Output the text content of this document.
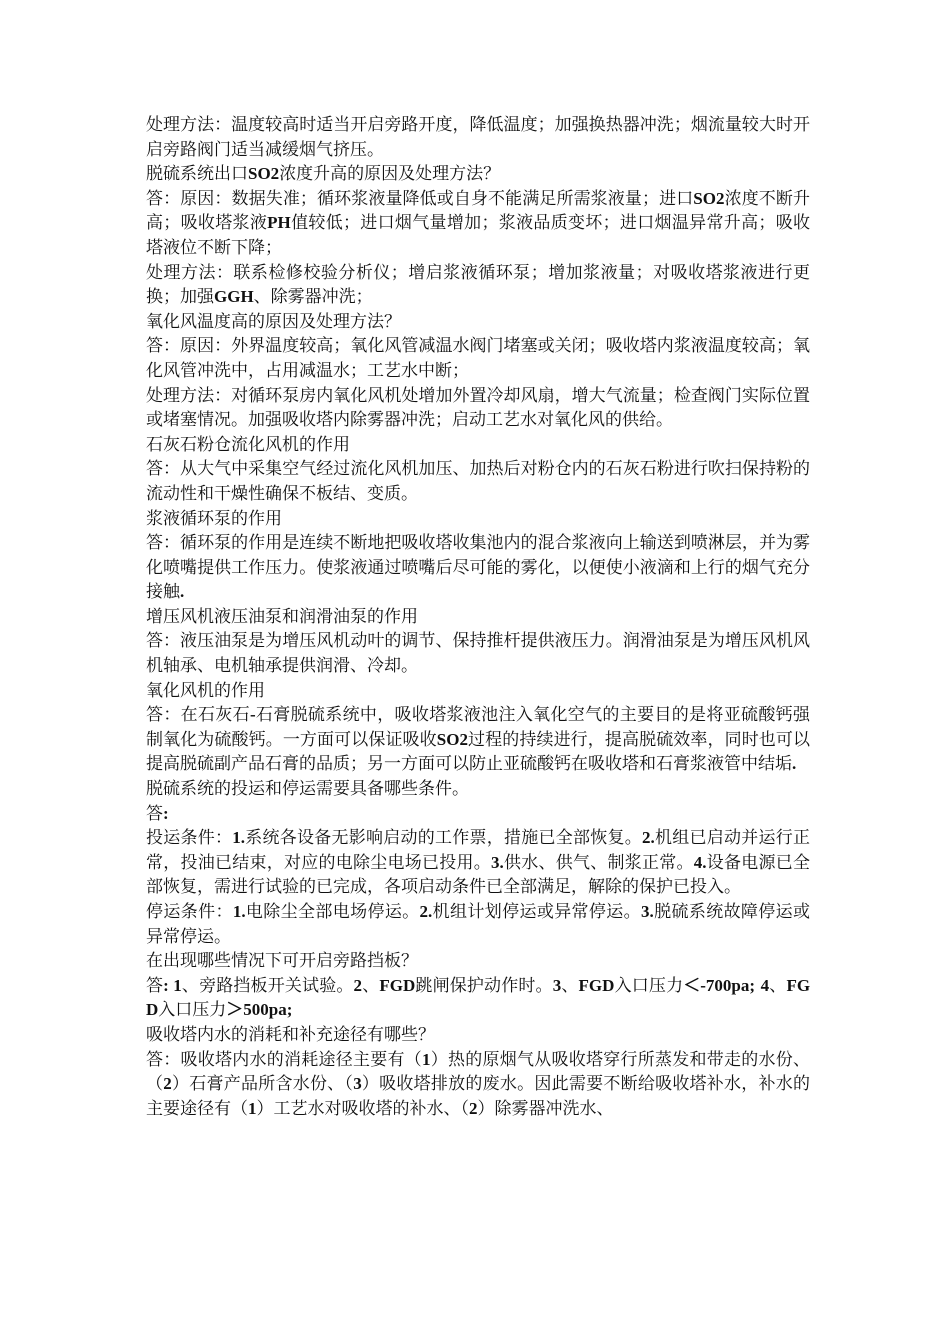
处理方法：温度较高时适当开启旁路开度，降低温度；加强换热器冲洗；烟流量较大时开启旁路阀门适当减缓烟气挤压。

脱硫系统出口SO2浓度升高的原因及处理方法？

答：原因：数据失准；循环浆液量降低或自身不能满足所需浆液量；进口SO2浓度不断升高；吸收塔浆液PH值较低；进口烟气量增加；浆液品质变坏；进口烟温异常升高；吸收塔液位不断下降；

处理方法：联系检修校验分析仪；增启浆液循环泵；增加浆液量；对吸收塔浆液进行更换；加强GGH、除雾器冲洗；

氧化风温度高的原因及处理方法？

答：原因：外界温度较高；氧化风管减温水阀门堵塞或关闭；吸收塔内浆液温度较高；氧化风管冲洗中，占用减温水；工艺水中断；

处理方法：对循环泵房内氧化风机处增加外置冷却风扇，增大气流量；检查阀门实际位置或堵塞情况。加强吸收塔内除雾器冲洗；启动工艺水对氧化风的供给。

石灰石粉仓流化风机的作用

答：从大气中采集空气经过流化风机加压、加热后对粉仓内的石灰石粉进行吹扫保持粉的流动性和干燥性确保不板结、变质。

浆液循环泵的作用

答：循环泵的作用是连续不断地把吸收塔收集池内的混合浆液向上输送到喷淋层，并为雾化喷嘴提供工作压力。使浆液通过喷嘴后尽可能的雾化，以便使小液滴和上行的烟气充分接触.

增压风机液压油泵和润滑油泵的作用

答：液压油泵是为增压风机动叶的调节、保持推杆提供液压力。润滑油泵是为增压风机风机轴承、电机轴承提供润滑、冷却。

氧化风机的作用

答：在石灰石-石膏脱硫系统中，吸收塔浆液池注入氧化空气的主要目的是将亚硫酸钙强制氧化为硫酸钙。一方面可以保证吸收SO2过程的持续进行，提高脱硫效率，同时也可以提高脱硫副产品石膏的品质；另一方面可以防止亚硫酸钙在吸收塔和石膏浆液管中结垢.

脱硫系统的投运和停运需要具备哪些条件。

答:

投运条件：1.系统各设备无影响启动的工作票，措施已全部恢复。2.机组已启动并运行正常，投油已结束，对应的电除尘电场已投用。3.供水、供气、制浆正常。4.设备电源已全部恢复，需进行试验的已完成，各项启动条件已全部满足，解除的保护已投入。

停运条件：1.电除尘全部电场停运。2.机组计划停运或异常停运。3.脱硫系统故障停运或异常停运。

在出现哪些情况下可开启旁路挡板？

答: 1、旁路挡板开关试验。2、FGD跳闸保护动作时。3、FGD入口压力＜-700pa; 4、FGD入口压力＞500pa;

吸收塔内水的消耗和补充途径有哪些？

答：吸收塔内水的消耗途径主要有（1）热的原烟气从吸收塔穿行所蒸发和带走的水份、（2）石膏产品所含水份、（3）吸收塔排放的废水。因此需要不断给吸收塔补水，补水的主要途径有（1）工艺水对吸收塔的补水、（2）除雾器冲洗水、
